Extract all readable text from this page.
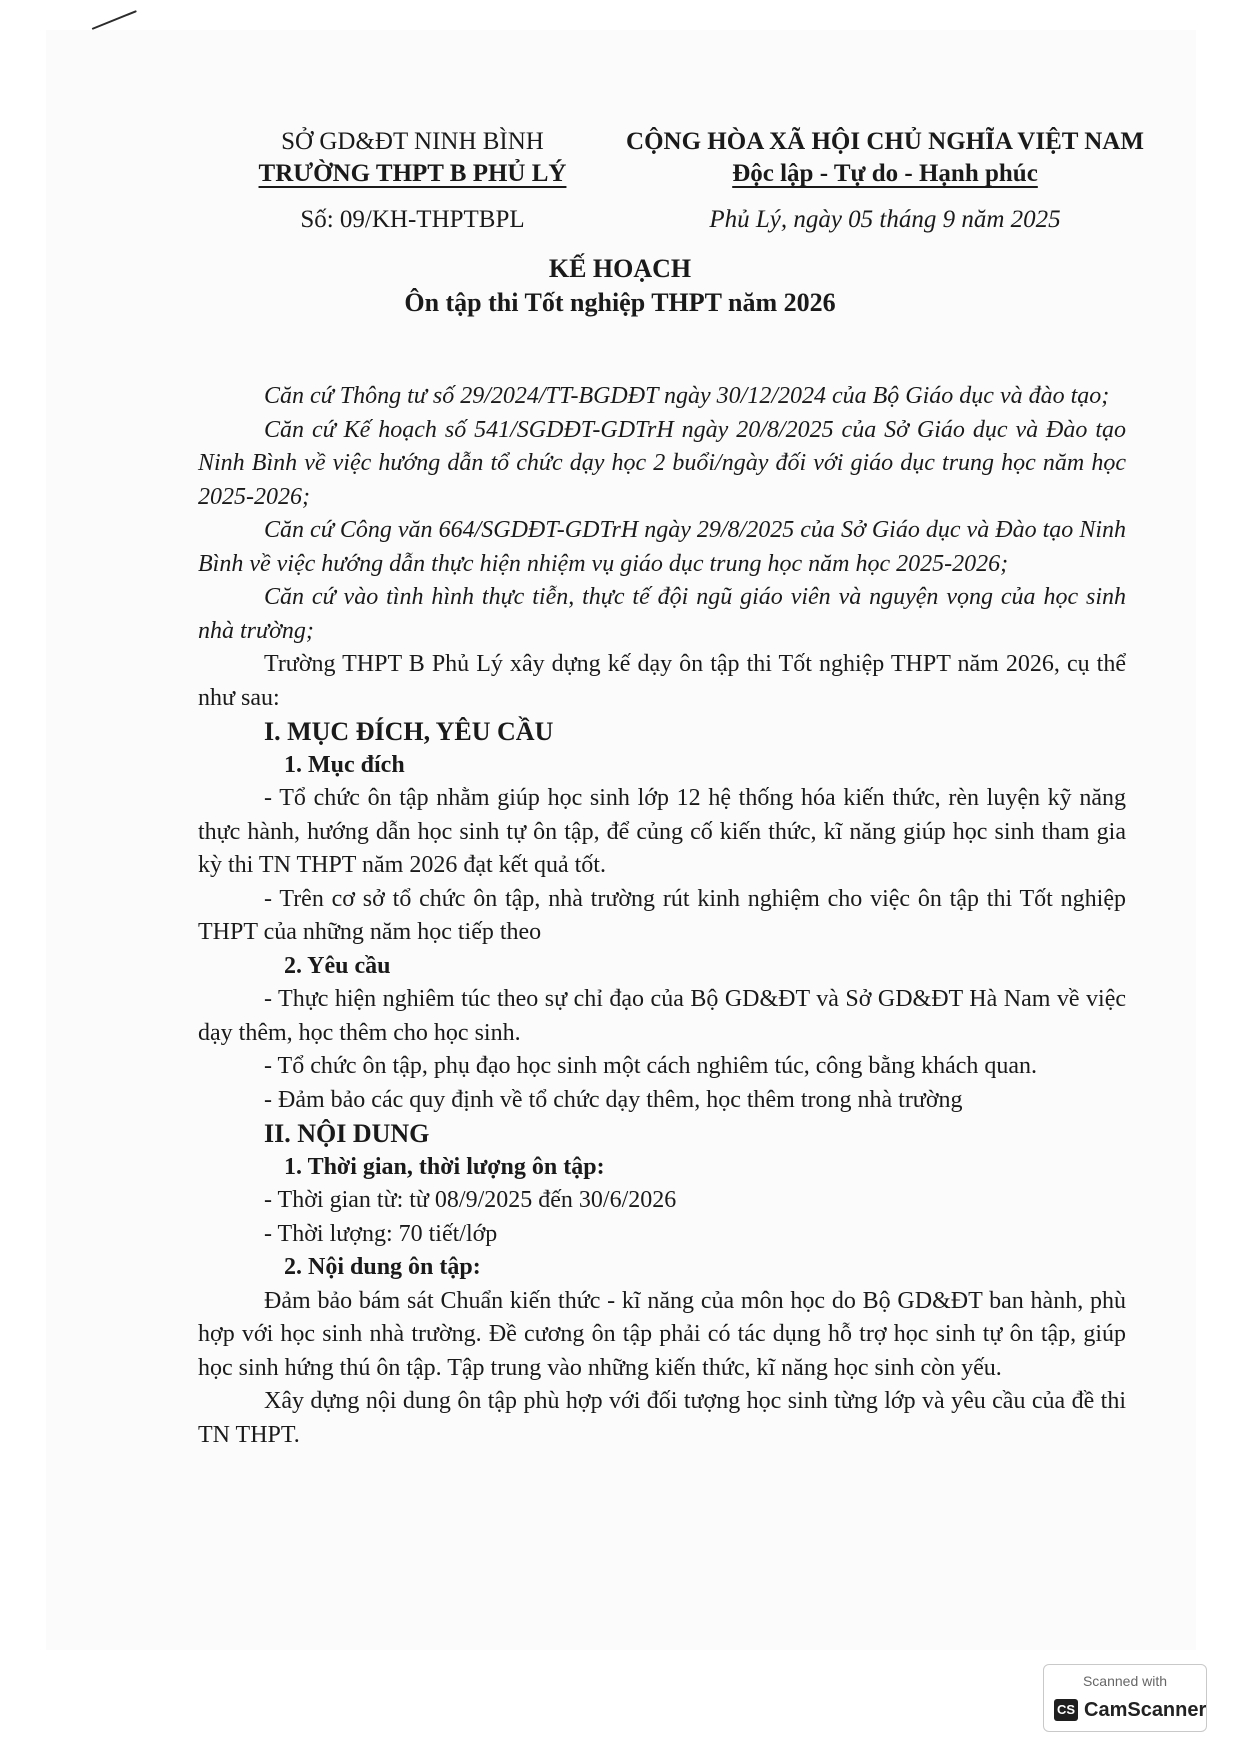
SỞ GD&ĐT NINH BÌNH
TRƯỜNG THPT B PHỦ LÝ
Số: 09/KH-THPTBPL
CỘNG HÒA XÃ HỘI CHỦ NGHĨA VIỆT NAM
Độc lập - Tự do - Hạnh phúc
Phủ Lý, ngày 05 tháng 9 năm 2025
KẾ HOẠCH
Ôn tập thi Tốt nghiệp THPT năm 2026

Căn cứ Thông tư số 29/2024/TT-BGDĐT ngày 30/12/2024 của Bộ Giáo dục và đào tạo;

Căn cứ Kế hoạch số 541/SGDĐT-GDTrH ngày 20/8/2025 của Sở Giáo dục và Đào tạo Ninh Bình về việc hướng dẫn tổ chức dạy học 2 buổi/ngày đối với giáo dục trung học năm học 2025-2026;

Căn cứ Công văn 664/SGDĐT-GDTrH ngày 29/8/2025 của Sở Giáo dục và Đào tạo Ninh Bình về việc hướng dẫn thực hiện nhiệm vụ giáo dục trung học năm học 2025-2026;

Căn cứ vào tình hình thực tiễn, thực tế đội ngũ giáo viên và nguyện vọng của học sinh nhà trường;

Trường THPT B Phủ Lý xây dựng kế dạy ôn tập thi Tốt nghiệp THPT năm 2026, cụ thể như sau:

I. MỤC ĐÍCH, YÊU CẦU

1. Mục đích

- Tổ chức ôn tập nhằm giúp học sinh lớp 12 hệ thống hóa kiến thức, rèn luyện kỹ năng thực hành, hướng dẫn học sinh tự ôn tập, để củng cố kiến thức, kĩ năng giúp học sinh tham gia kỳ thi TN THPT năm 2026 đạt kết quả tốt.

- Trên cơ sở tổ chức ôn tập, nhà trường rút kinh nghiệm cho việc ôn tập thi Tốt nghiệp THPT của những năm học tiếp theo

2. Yêu cầu

- Thực hiện nghiêm túc theo sự chỉ đạo của Bộ GD&ĐT và Sở GD&ĐT Hà Nam về việc dạy thêm, học thêm cho học sinh.

- Tổ chức ôn tập, phụ đạo học sinh một cách nghiêm túc, công bằng khách quan.

- Đảm bảo các quy định về tổ chức dạy thêm, học thêm trong nhà trường

II. NỘI DUNG

1. Thời gian, thời lượng ôn tập:

- Thời gian từ: từ 08/9/2025 đến 30/6/2026

- Thời lượng: 70 tiết/lớp

2. Nội dung ôn tập:

Đảm bảo bám sát Chuẩn kiến thức - kĩ năng của môn học do Bộ GD&ĐT ban hành, phù hợp với học sinh nhà trường. Đề cương ôn tập phải có tác dụng hỗ trợ học sinh tự ôn tập, giúp học sinh hứng thú ôn tập. Tập trung vào những kiến thức, kĩ năng học sinh còn yếu.

Xây dựng nội dung ôn tập phù hợp với đối tượng học sinh từng lớp và yêu cầu của đề thi TN THPT.

Scanned with
CS CamScanner
